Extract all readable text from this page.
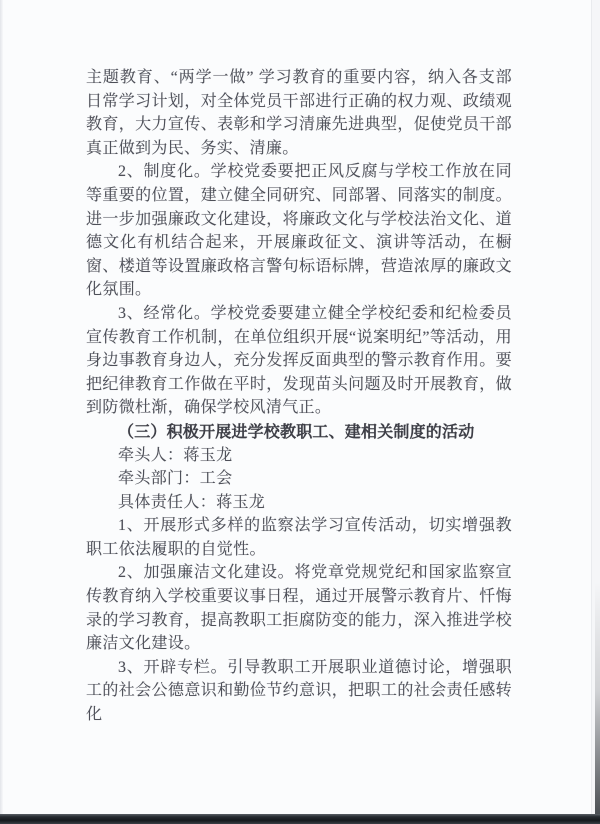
主题教育、“两学一做” 学习教育的重要内容，纳入各支部日常学习计划，对全体党员干部进行正确的权力观、政绩观教育，大力宣传、表彰和学习清廉先进典型，促使党员干部真正做到为民、务实、清廉。

2、制度化。学校党委要把正风反腐与学校工作放在同等重要的位置，建立健全同研究、同部署、同落实的制度。进一步加强廉政文化建设，将廉政文化与学校法治文化、道德文化有机结合起来，开展廉政征文、演讲等活动，在橱窗、楼道等设置廉政格言警句标语标牌，营造浓厚的廉政文化氛围。

3、经常化。学校党委要建立健全学校纪委和纪检委员宣传教育工作机制，在单位组织开展“说案明纪”等活动，用身边事教育身边人，充分发挥反面典型的警示教育作用。要把纪律教育工作做在平时，发现苗头问题及时开展教育，做到防微杜渐，确保学校风清气正。

（三）积极开展进学校教职工、建相关制度的活动

牵头人：蒋玉龙

牵头部门：工会

具体责任人：蒋玉龙

1、开展形式多样的监察法学习宣传活动，切实增强教职工依法履职的自觉性。

2、加强廉洁文化建设。将党章党规党纪和国家监察宣传教育纳入学校重要议事日程，通过开展警示教育片、忏悔录的学习教育，提高教职工拒腐防变的能力，深入推进学校廉洁文化建设。

3、开辟专栏。引导教职工开展职业道德讨论，增强职工的社会公德意识和勤俭节约意识，把职工的社会责任感转化
